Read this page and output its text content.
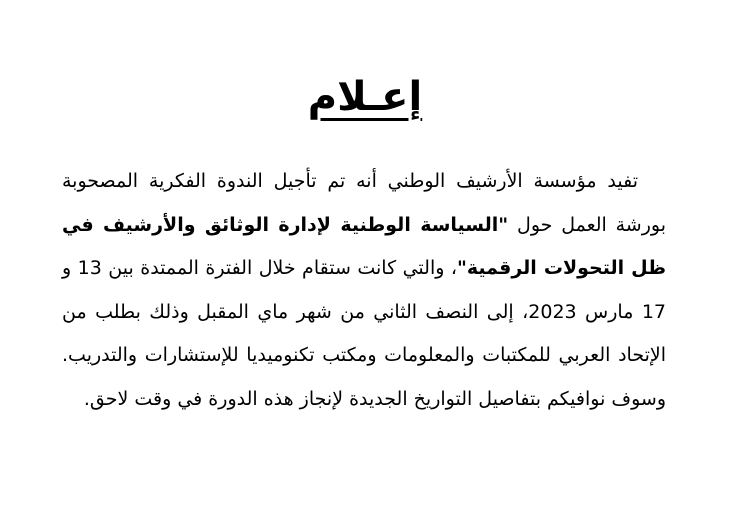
إعـلام

تفيد مؤسسة الأرشيف الوطني أنه تم تأجيل الندوة الفكرية المصحوبة بورشة العمل حول "السياسة الوطنية لإدارة الوثائق والأرشيف في ظل التحولات الرقمية"، والتي كانت ستقام خلال الفترة الممتدة بين 13 و 17 مارس 2023، إلى النصف الثاني من شهر ماي المقبل وذلك بطلب من الإتحاد العربي للمكتبات والمعلومات ومكتب تكنوميديا للإستشارات والتدريب. وسوف نوافيكم بتفاصيل التواريخ الجديدة لإنجاز هذه الدورة في وقت لاحق.
